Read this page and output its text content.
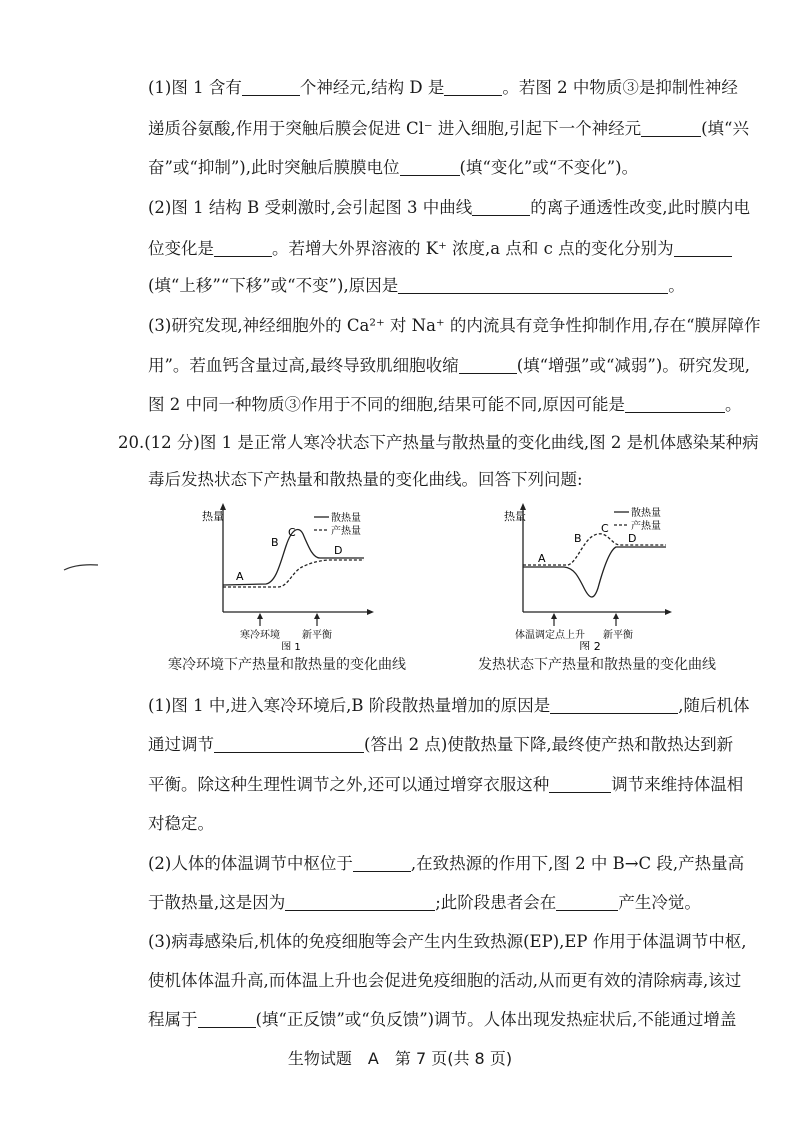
(1)图 1 含有	个神经元,结构 D 是	。若图 2 中物质③是抑制性神经
递质谷氨酸,作用于突触后膜会促进 Cl⁻ 进入细胞,引起下一个神经元	(填“兴
奋”或“抑制”),此时突触后膜膜电位	(填“变化”或“不变化”)。
(2)图 1 结构 B 受刺激时,会引起图 3 中曲线	的离子通透性改变,此时膜内电
位变化是	。若增大外界溶液的 K⁺ 浓度,a 点和 c 点的变化分别为
(填“上移”“下移”或“不变”),原因是	。
(3)研究发现,神经细胞外的 Ca²⁺ 对 Na⁺ 的内流具有竞争性抑制作用,存在“膜屏障作
用”。若血钙含量过高,最终导致肌细胞收缩	(填“增强”或“减弱”)。研究发现,
图 2 中同一种物质③作用于不同的细胞,结果可能不同,原因可能是	。
20.(12 分)图 1 是正常人寒冷状态下产热量与散热量的变化曲线,图 2 是机体感染某种病
毒后发热状态下产热量和散热量的变化曲线。回答下列问题:
热量	散热量
产热量
A
B
C
D
寒冷环境 新平衡
图 1
寒冷环境下产热量和散热量的变化曲线
热量	散热量
产热量
A
B
C
D
体温调定点上升 新平衡
图 2
发热状态下产热量和散热量的变化曲线
(1)图 1 中,进入寒冷环境后,B 阶段散热量增加的原因是	,随后机体
通过调节	(答出 2 点)使散热量下降,最终使产热和散热达到新
平衡。除这种生理性调节之外,还可以通过增穿衣服这种	调节来维持体温相
对稳定。
(2)人体的体温调节中枢位于	,在致热源的作用下,图 2 中 B→C 段,产热量高
于散热量,这是因为	;此阶段患者会在	产生冷觉。
(3)病毒感染后,机体的免疫细胞等会产生内生致热源(EP),EP 作用于体温调节中枢,
使机体体温升高,而体温上升也会促进免疫细胞的活动,从而更有效的清除病毒,该过
程属于	(填“正反馈”或“负反馈”)调节。人体出现发热症状后,不能通过增盖
生物试题　A　第 7 页(共 8 页)
